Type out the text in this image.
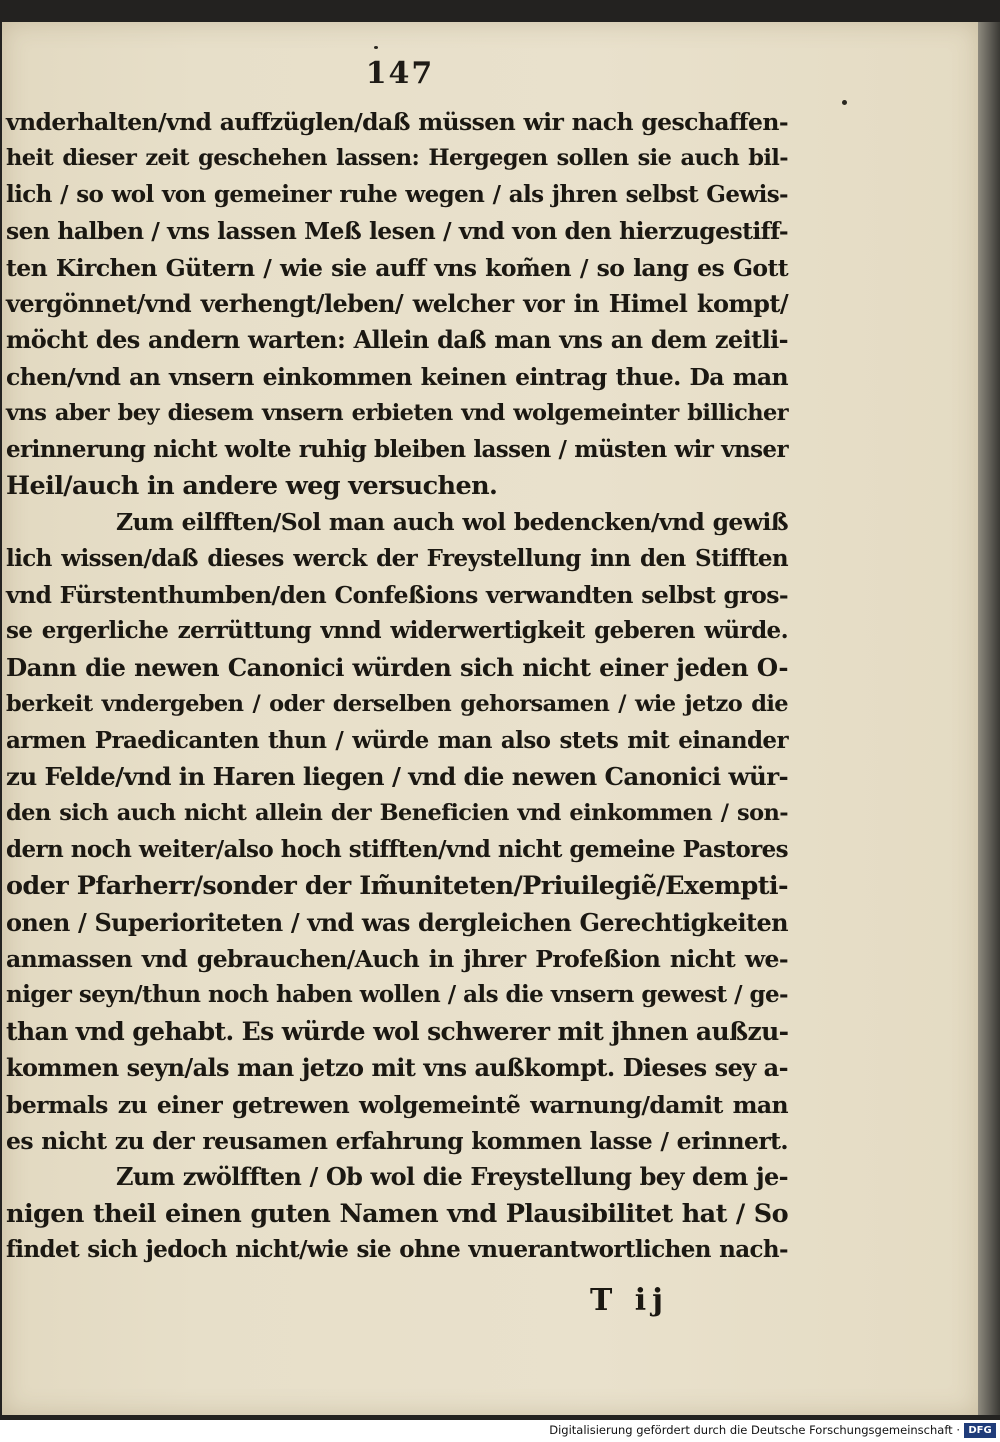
147
vnderhalten/vnd auffzüglen/daß müssen wir nach geschaffen-
heit dieser zeit geschehen lassen: Hergegen sollen sie auch bil-
lich / so wol von gemeiner ruhe wegen / als jhren selbst Gewis-
sen halben / vns lassen Meß lesen / vnd von den hierzugestiff-
ten Kirchen Gütern / wie sie auff vns kom̃en / so lang es Gott
vergönnet/vnd verhengt/leben/ welcher vor in Himel kompt/
möcht des andern warten: Allein daß man vns an dem zeitli-
chen/vnd an vnsern einkommen keinen eintrag thue. Da man
vns aber bey diesem vnsern erbieten vnd wolgemeinter billicher
erinnerung nicht wolte ruhig bleiben lassen / müsten wir vnser
Heil/auch in andere weg versuchen.
Zum eilfften/Sol man auch wol bedencken/vnd gewiß
lich wissen/daß dieses werck der Freystellung inn den Stifften
vnd Fürstenthumben/den Confeßions verwandten selbst gros-
se ergerliche zerrüttung vnnd widerwertigkeit geberen würde.
Dann die newen Canonici würden sich nicht einer jeden O-
berkeit vndergeben / oder derselben gehorsamen / wie jetzo die
armen Praedicanten thun / würde man also stets mit einander
zu Felde/vnd in Haren liegen / vnd die newen Canonici wür-
den sich auch nicht allein der Beneficien vnd einkommen / son-
dern noch weiter/also hoch stifften/vnd nicht gemeine Pastores
oder Pfarherr/sonder der Im̃uniteten/Priuilegiẽ/Exempti-
onen / Superioriteten / vnd was dergleichen Gerechtigkeiten
anmassen vnd gebrauchen/Auch in jhrer Profeßion nicht we-
niger seyn/thun noch haben wollen / als die vnsern gewest / ge-
than vnd gehabt. Es würde wol schwerer mit jhnen außzu-
kommen seyn/als man jetzo mit vns außkompt. Dieses sey a-
bermals zu einer getrewen wolgemeintẽ warnung/damit man
es nicht zu der reusamen erfahrung kommen lasse / erinnert.
Zum zwölfften / Ob wol die Freystellung bey dem je-
nigen theil einen guten Namen vnd Plausibilitet hat / So
findet sich jedoch nicht/wie sie ohne vnuerantwortlichen nach-
T ij
Digitalisierung gefördert durch die Deutsche Forschungsgemeinschaft · DFG
